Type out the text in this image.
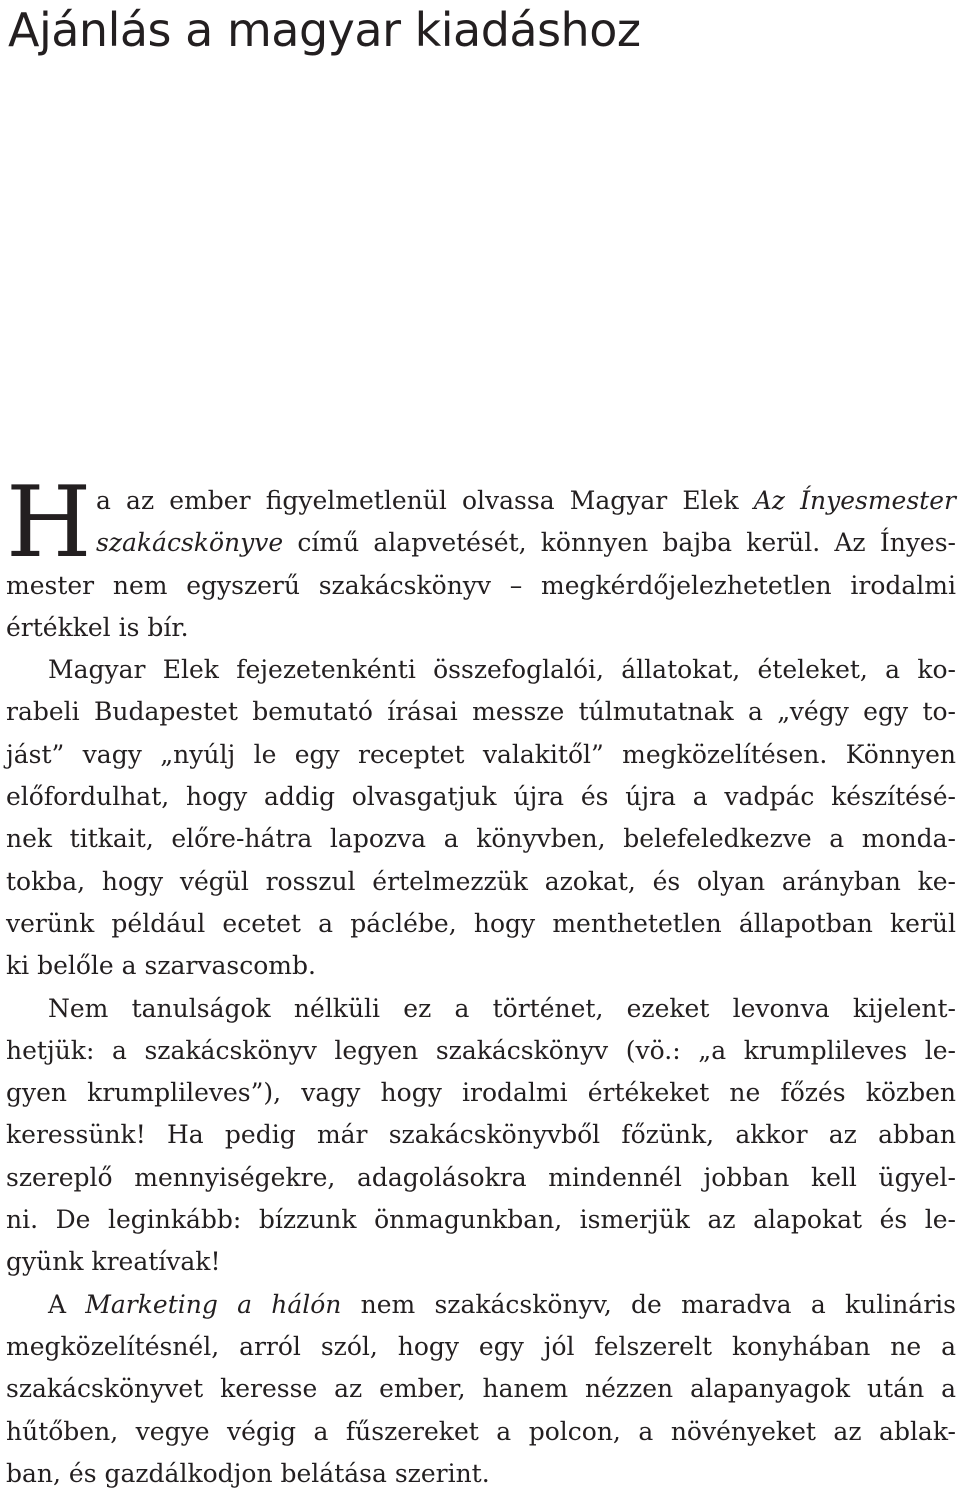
Ajánlás a magyar kiadáshoz
H a az ember figyelmetlenül olvassa Magyar Elek Az Ínyesmester
szakácskönyve című alapvetését, könnyen bajba kerül. Az Ínyes-
mester nem egyszerű szakácskönyv – megkérdőjelezhetetlen irodalmi
értékkel is bír.
Magyar Elek fejezetenkénti összefoglalói, állatokat, ételeket, a ko-
rabeli Budapestet bemutató írásai messze túlmutatnak a „végy egy to-
jást” vagy „nyúlj le egy receptet valakitől” megközelítésen. Könnyen
előfordulhat, hogy addig olvasgatjuk újra és újra a vadpác készítésé-
nek titkait, előre-hátra lapozva a könyvben, belefeledkezve a monda-
tokba, hogy végül rosszul értelmezzük azokat, és olyan arányban ke-
verünk például ecetet a páclébe, hogy menthetetlen állapotban kerül
ki belőle a szarvascomb.
Nem tanulságok nélküli ez a történet, ezeket levonva kijelent-
hetjük: a szakácskönyv legyen szakácskönyv (vö.: „a krumplileves le-
gyen krumplileves”), vagy hogy irodalmi értékeket ne főzés közben
keressünk! Ha pedig már szakácskönyvből főzünk, akkor az abban
szereplő mennyiségekre, adagolásokra mindennél jobban kell ügyel-
ni. De leginkább: bízzunk önmagunkban, ismerjük az alapokat és le-
gyünk kreatívak!
A Marketing a hálón nem szakácskönyv, de maradva a kulináris
megközelítésnél, arról szól, hogy egy jól felszerelt konyhában ne a
szakácskönyvet keresse az ember, hanem nézzen alapanyagok után a
hűtőben, vegye végig a fűszereket a polcon, a növényeket az ablak-
ban, és gazdálkodjon belátása szerint.
